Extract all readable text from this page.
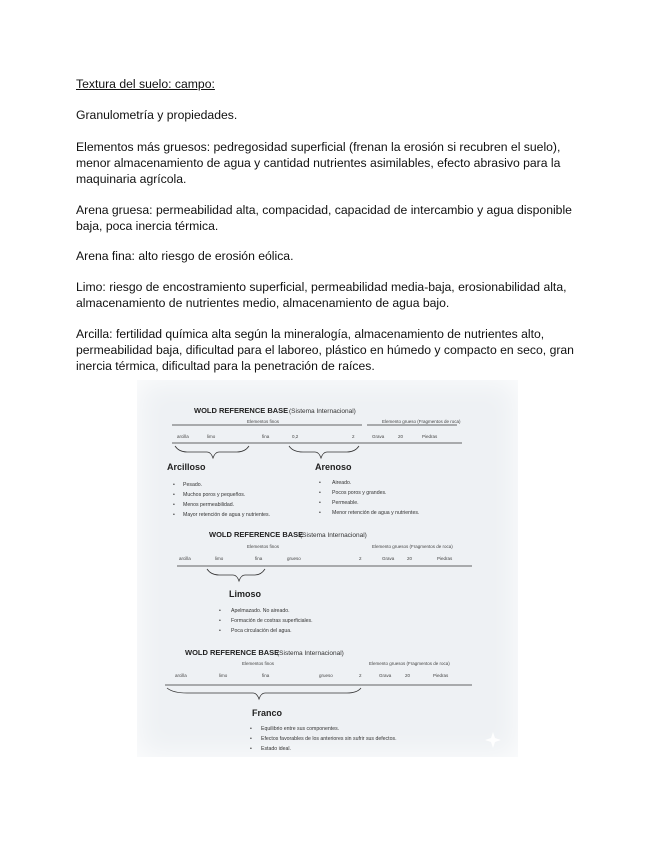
Textura del suelo: campo:
Granulometría y propiedades.
Elementos más gruesos: pedregosidad superficial (frenan la erosión si recubren el suelo), menor almacenamiento de agua y cantidad nutrientes asimilables, efecto abrasivo para la maquinaria agrícola.
Arena gruesa: permeabilidad alta, compacidad, capacidad de intercambio y agua disponible baja, poca inercia térmica.
Arena fina: alto riesgo de erosión eólica.
Limo: riesgo de encostramiento superficial, permeabilidad media-baja, erosionabilidad alta, almacenamiento de nutrientes medio, almacenamiento de agua bajo.
Arcilla: fertilidad química alta según la mineralogía, almacenamiento de nutrientes alto, permeabilidad baja, dificultad para el laboreo, plástico en húmedo y compacto en seco, gran inercia térmica, dificultad para la penetración de raíces.
WOLD REFERENCE BASE (Sistema Internacional)
Elementos finos	Elemento grueso (Fragmentos de roca)
arcilla	limo	fina	0,2	2	Grava	20	Piedras
Arcilloso
• Pesado.
• Muchos poros y pequeños.
• Menos permeabilidad.
• Mayor retención de agua y nutrientes.
Arenoso
• Aireado.
• Pocos poros y grandes.
• Permeable.
• Menor retención de agua y nutrientes.
WOLD REFERENCE BASE
(Sistema Internacional)
Elementos finos	Elemento gruesos (Fragmentos de roca)
arcilla	limo	fina	grueso	2	Grava	20	Piedras
Limoso
• Apelmazado. No aireado.
• Formación de costras superficiales.
• Poca circulación del agua.
WOLD REFERENCE BASE
(Sistema Internacional)
Elementos finos	Elemento gruesos (Fragmentos de roca)
arcilla	limo	fina	grueso	2	Grava	20	Piedras
Franco
• Equilibrio entre sus componentes.
• Efectos favorables de los anteriores sin sufrir sus defectos.
• Estado ideal.
